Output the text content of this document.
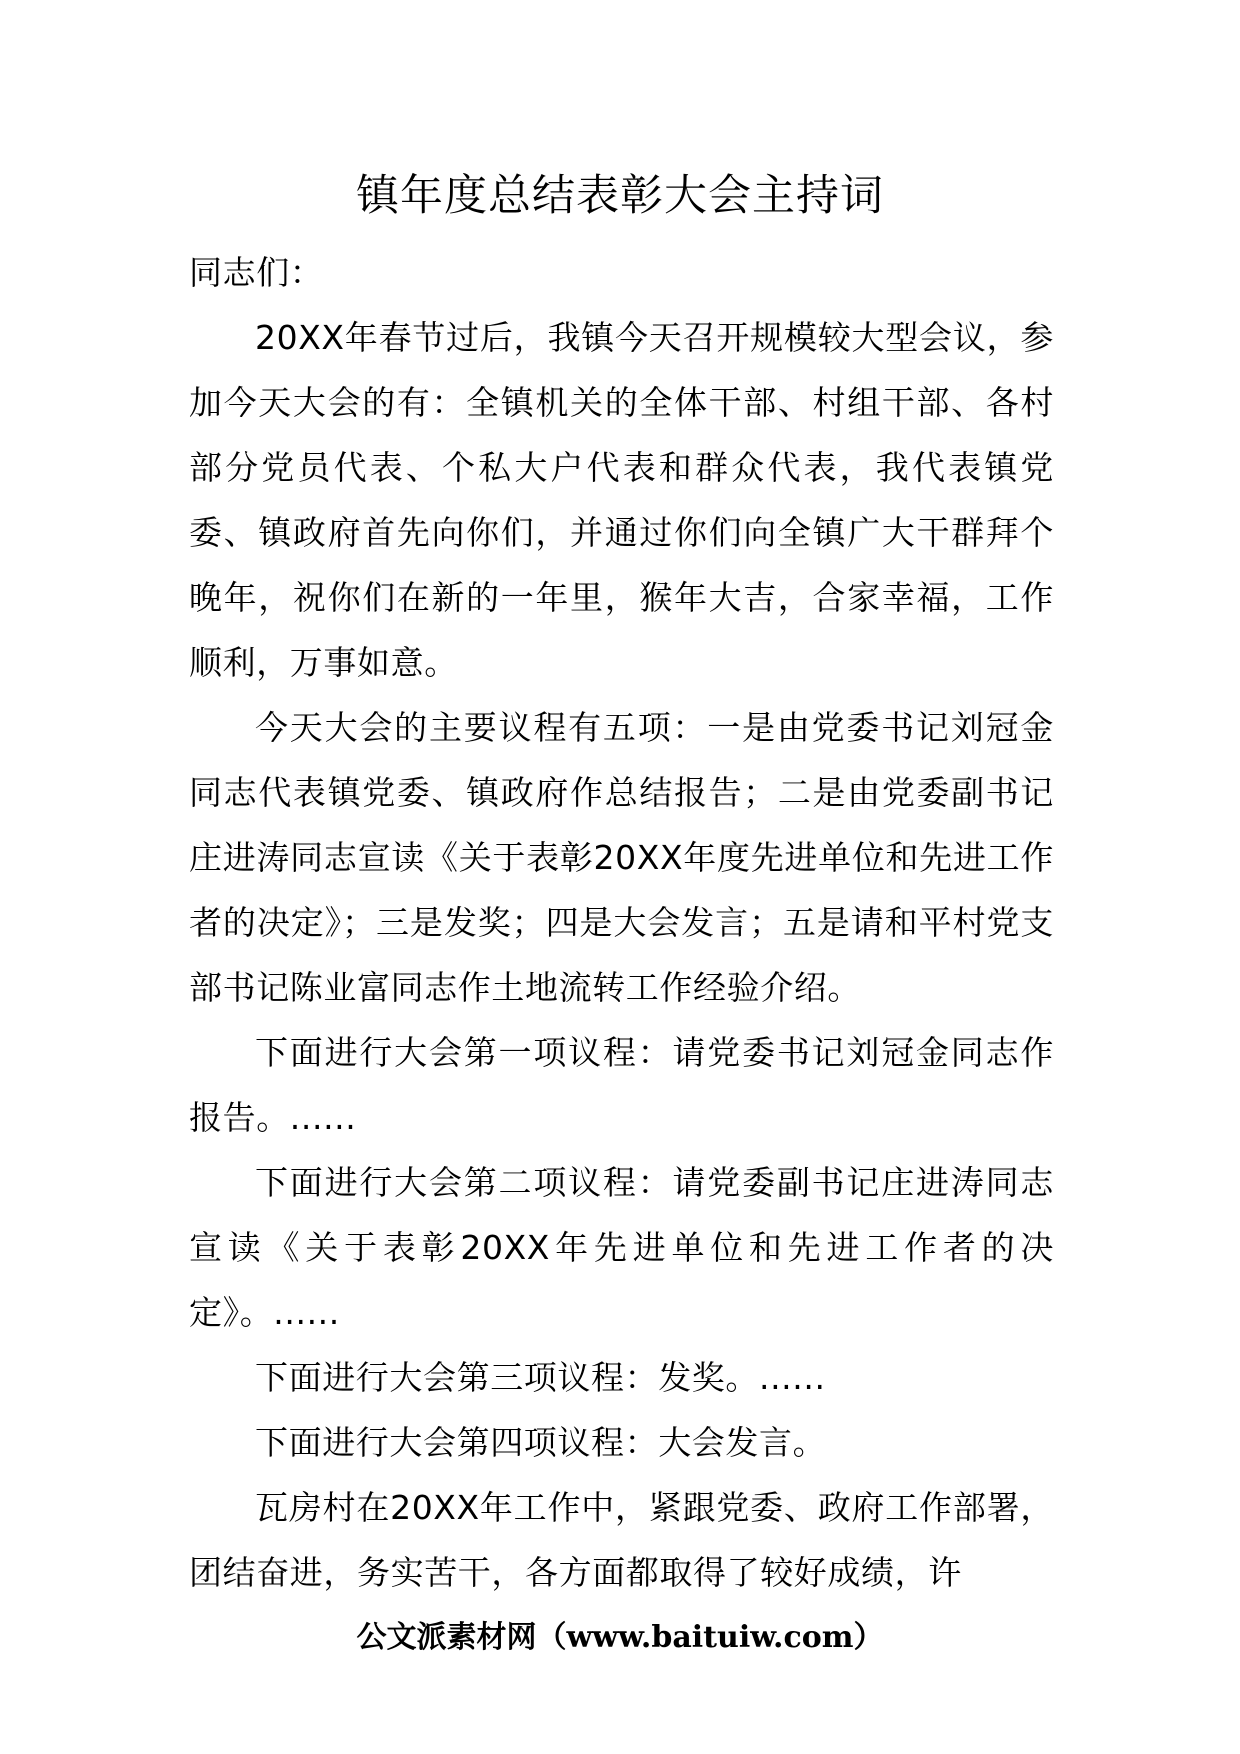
镇年度总结表彰大会主持词

同志们：

20XX年春节过后，我镇今天召开规模较大型会议，参加今天大会的有：全镇机关的全体干部、村组干部、各村部分党员代表、个私大户代表和群众代表，我代表镇党委、镇政府首先向你们，并通过你们向全镇广大干群拜个晚年，祝你们在新的一年里，猴年大吉，合家幸福，工作顺利，万事如意。

今天大会的主要议程有五项：一是由党委书记刘冠金同志代表镇党委、镇政府作总结报告；二是由党委副书记庄进涛同志宣读《关于表彰20XX年度先进单位和先进工作者的决定》；三是发奖；四是大会发言；五是请和平村党支部书记陈业富同志作土地流转工作经验介绍。

下面进行大会第一项议程：请党委书记刘冠金同志作报告。......

下面进行大会第二项议程：请党委副书记庄进涛同志宣读《关于表彰20XX年先进单位和先进工作者的决定》。......

下面进行大会第三项议程：发奖。......

下面进行大会第四项议程：大会发言。

瓦房村在20XX年工作中，紧跟党委、政府工作部署，团结奋进，务实苦干，各方面都取得了较好成绩，许

公文派素材网（www.baituiw.com）
